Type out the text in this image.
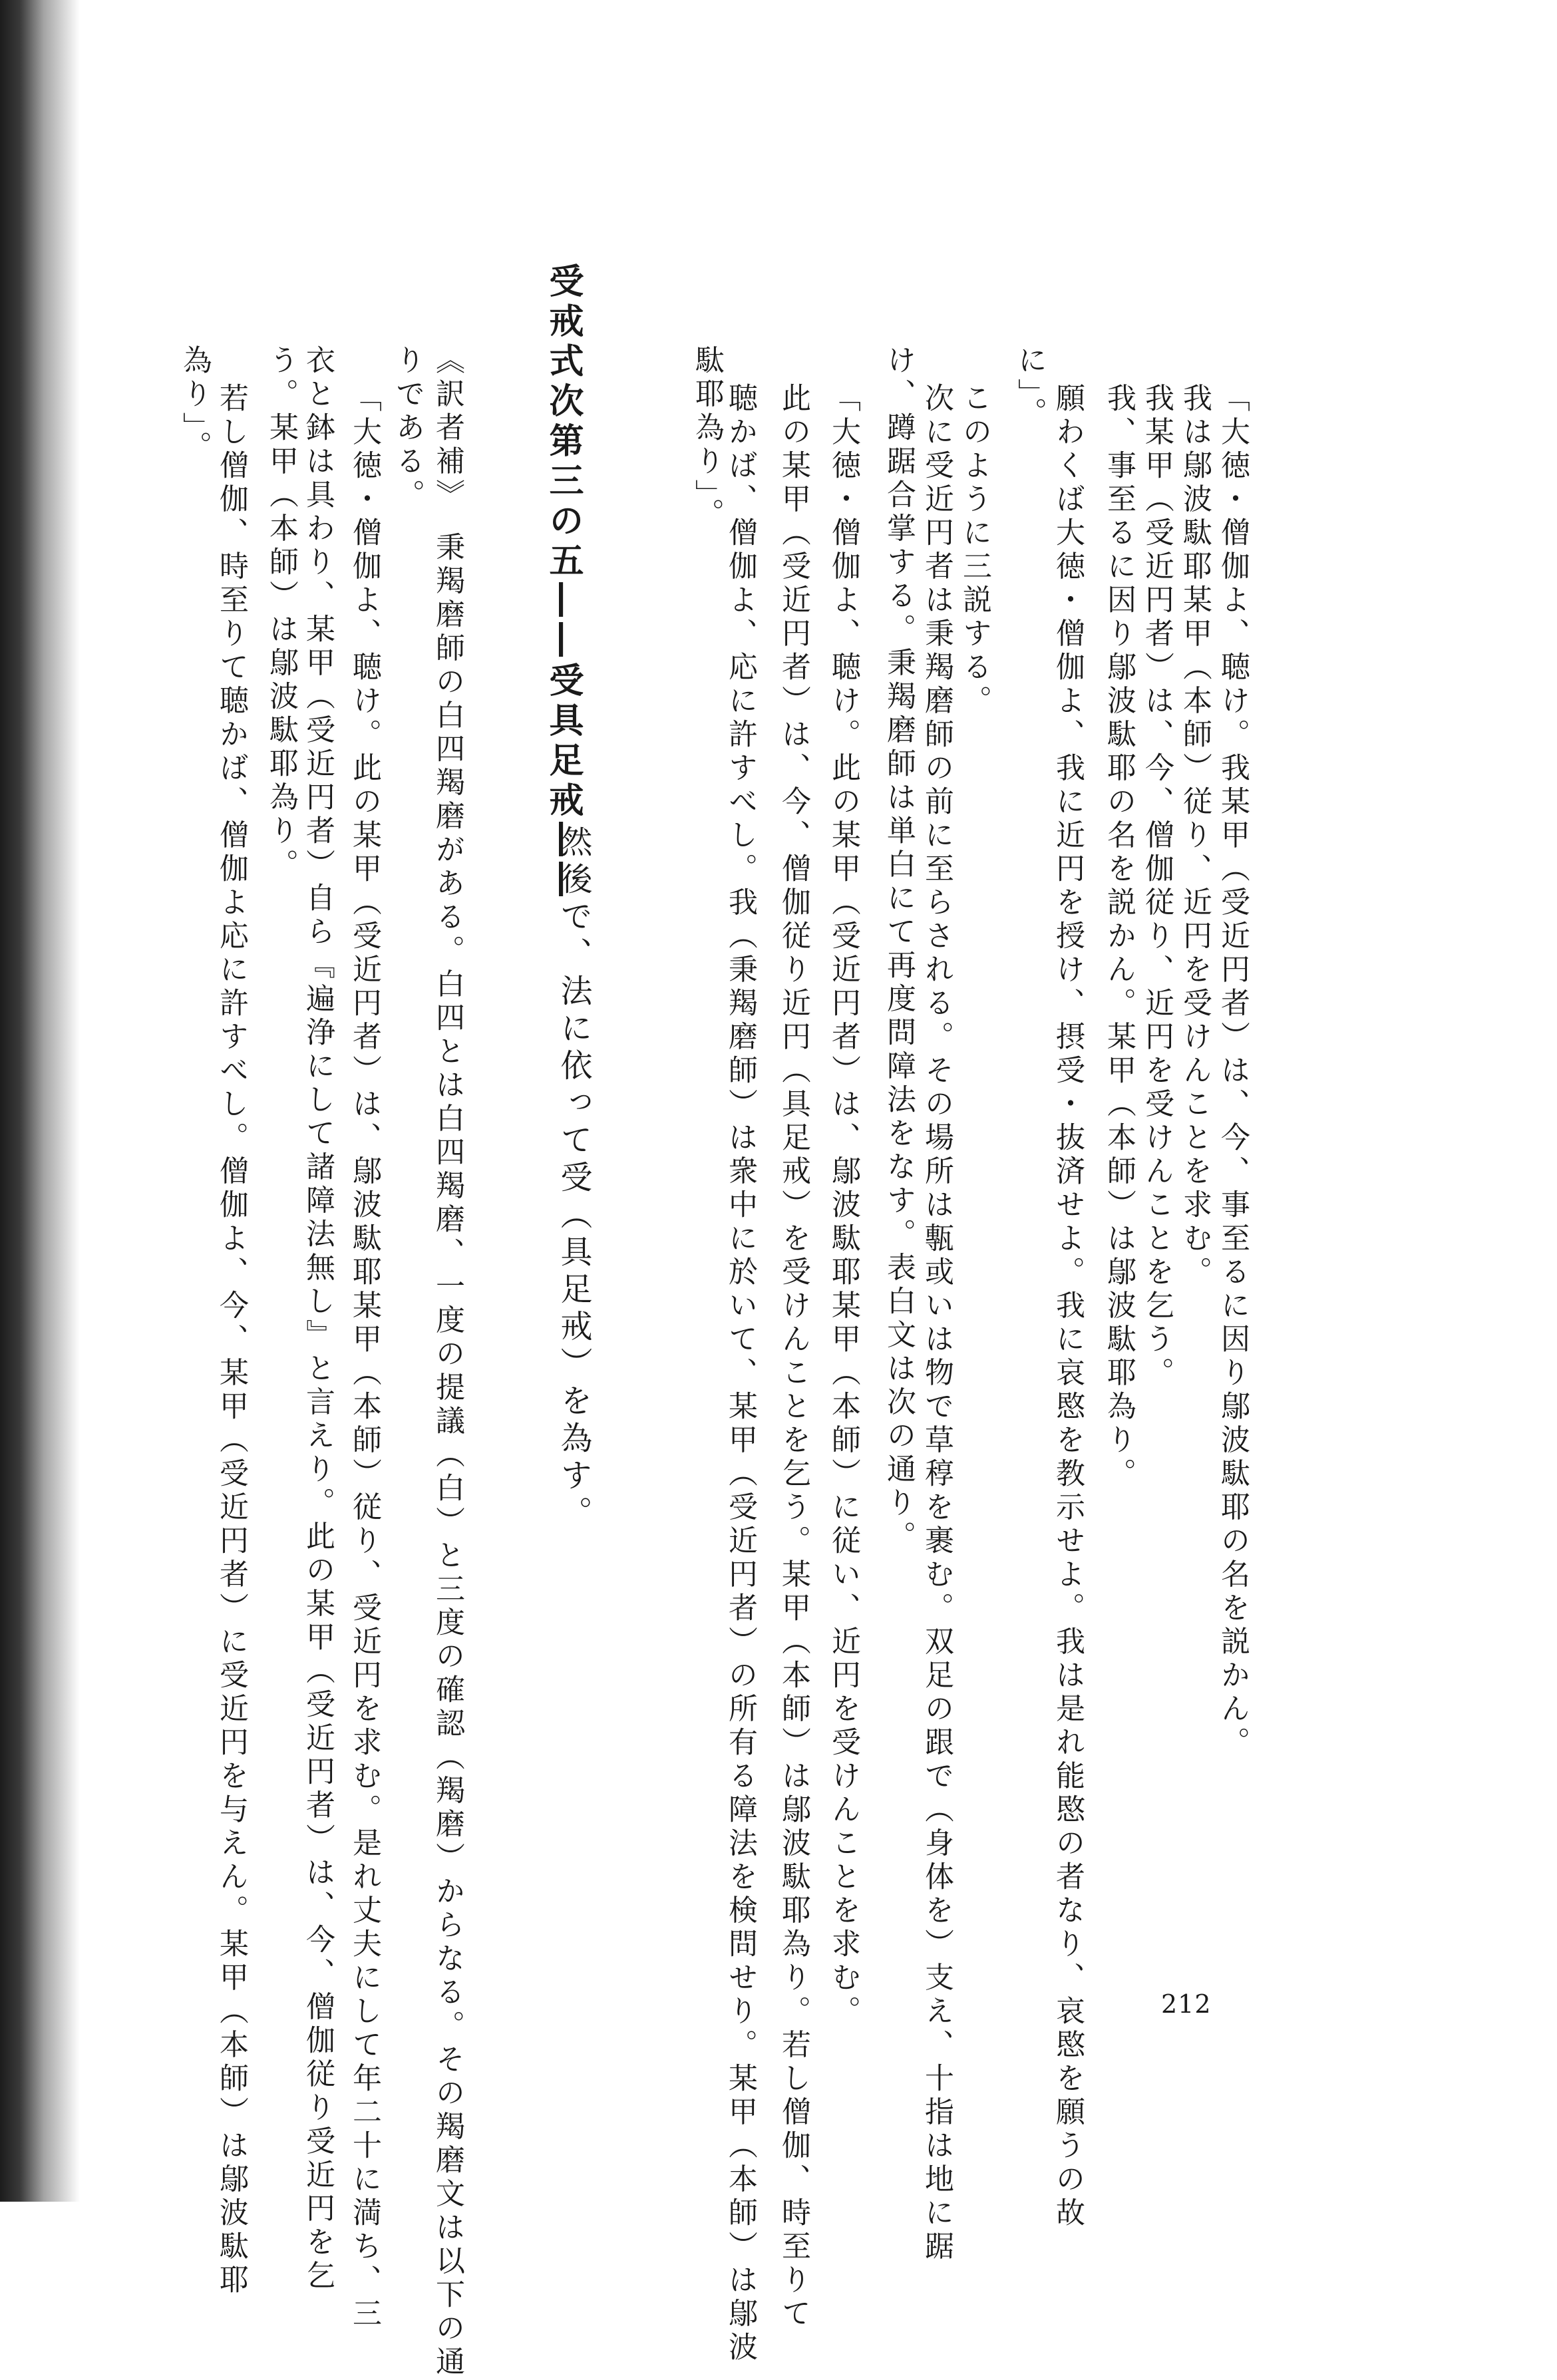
「大徳・僧伽よ、聴け。我某甲（受近円者）は、今、事至るに因り鄔波駄耶の名を説かん。
我は鄔波駄耶某甲（本師）従り、近円を受けんことを求む。
我某甲（受近円者）は、今、僧伽従り、近円を受けんことを乞う。
我、事至るに因り鄔波駄耶の名を説かん。某甲（本師）は鄔波駄耶為り。
願わくば大徳・僧伽よ、我に近円を授け、摂受・抜済せよ。我に哀愍を教示せよ。我は是れ能愍の者なり、哀愍を願うの故
に」。
このように三説する。
次に受近円者は秉羯磨師の前に至らされる。その場所は甎或いは物で草稕を裹む。双足の跟で（身体を）支え、十指は地に踞
け、蹲踞合掌する。秉羯磨師は単白にて再度問障法をなす。表白文は次の通り。
「大徳・僧伽よ、聴け。此の某甲（受近円者）は、鄔波駄耶某甲（本師）に従い、近円を受けんことを求む。
此の某甲（受近円者）は、今、僧伽従り近円（具足戒）を受けんことを乞う。某甲（本師）は鄔波駄耶為り。若し僧伽、時至りて
聴かば、僧伽よ、応に許すべし。我（秉羯磨師）は衆中に於いて、某甲（受近円者）の所有る障法を検問せり。某甲（本師）は鄔波
駄耶為り」。
受戒式次第三の五――受具足戒――
然後で、法に依って受（具足戒）を為す。
《訳者補》　秉羯磨師の白四羯磨がある。白四とは白四羯磨、一度の提議（白）と三度の確認（羯磨）からなる。その羯磨文は以下の通
りである。
「大徳・僧伽よ、聴け。此の某甲（受近円者）は、鄔波駄耶某甲（本師）従り、受近円を求む。是れ丈夫にして年二十に満ち、三
衣と鉢は具わり、某甲（受近円者）自ら『遍浄にして諸障法無し』と言えり。此の某甲（受近円者）は、今、僧伽従り受近円を乞
う。某甲（本師）は鄔波駄耶為り。
若し僧伽、時至りて聴かば、僧伽よ応に許すべし。僧伽よ、今、某甲（受近円者）に受近円を与えん。某甲（本師）は鄔波駄耶
為り」。
212
